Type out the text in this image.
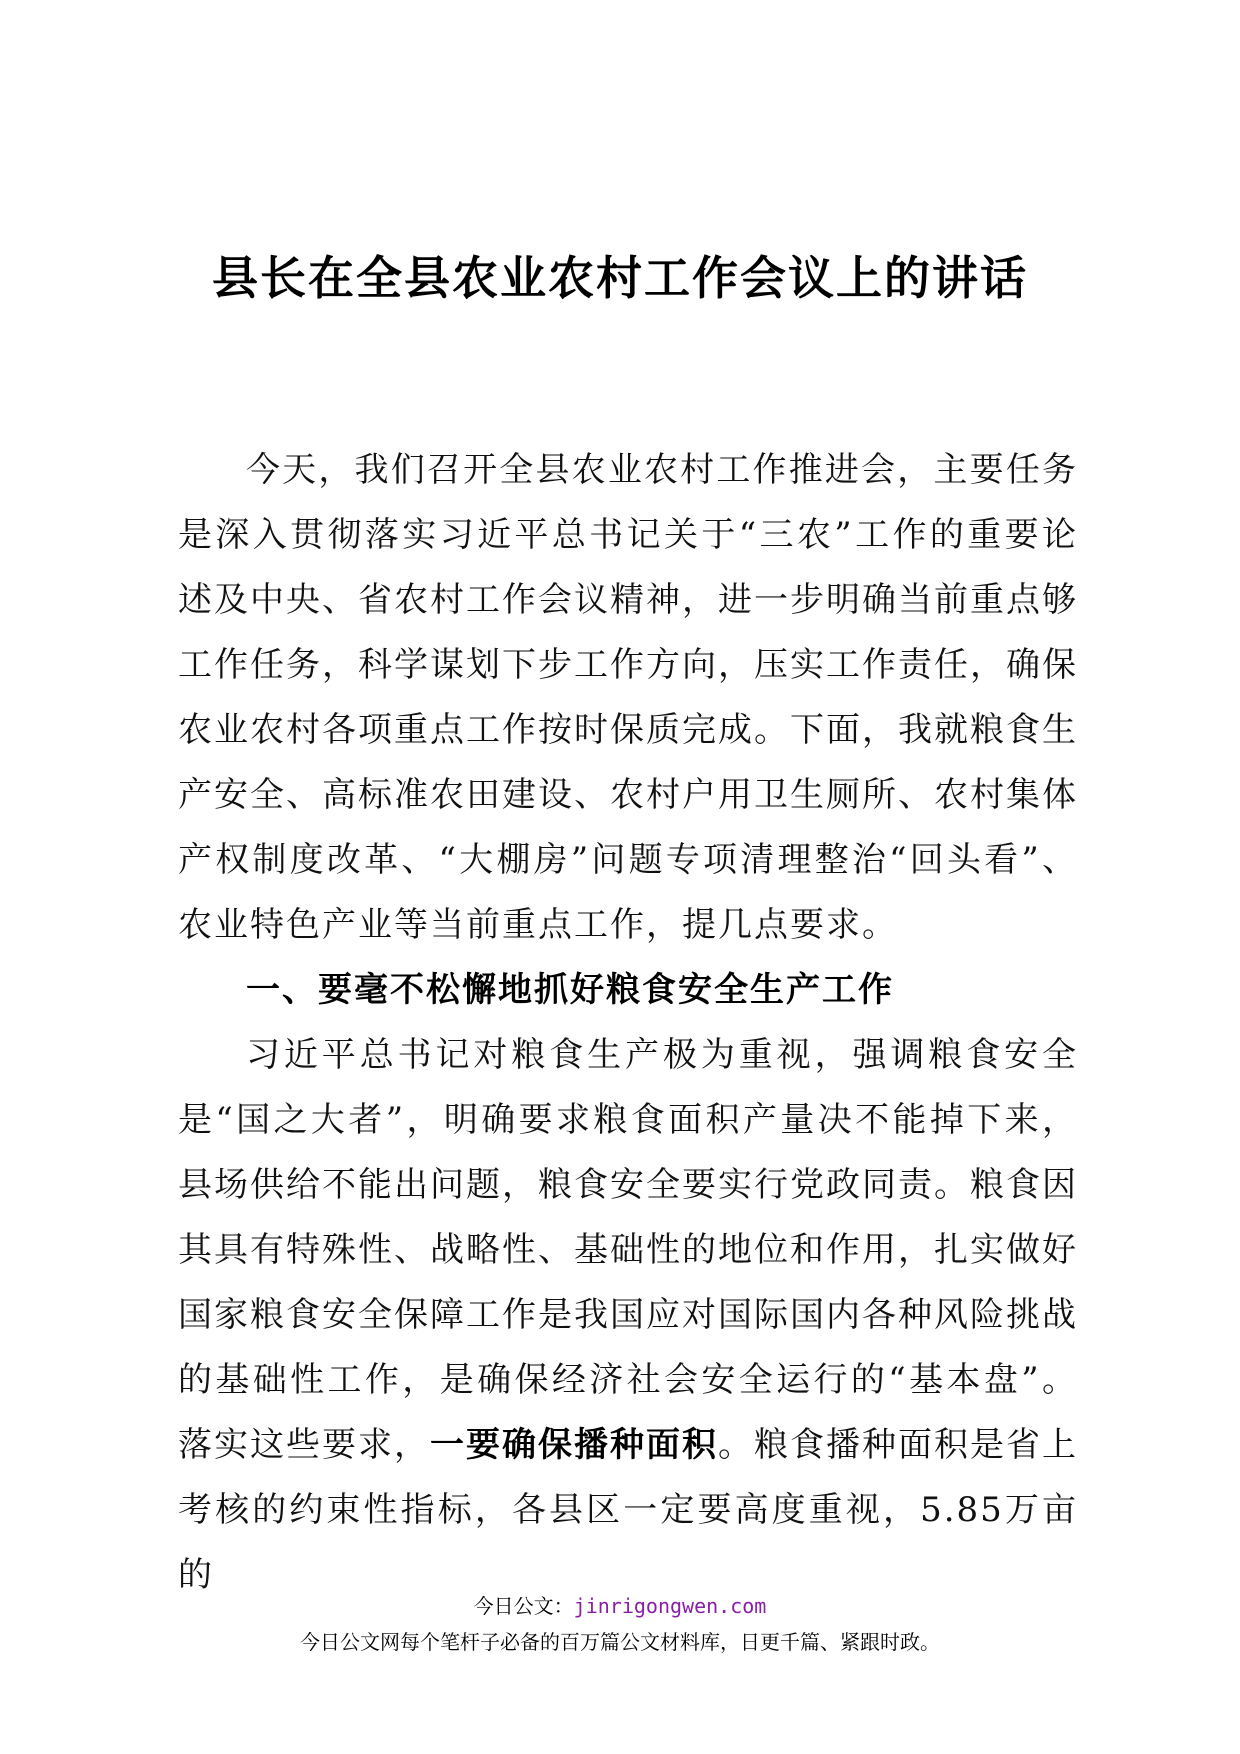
县长在全县农业农村工作会议上的讲话

今天，我们召开全县农业农村工作推进会，主要任务是深入贯彻落实习近平总书记关于“三农”工作的重要论述及中央、省农村工作会议精神，进一步明确当前重点够工作任务，科学谋划下步工作方向，压实工作责任，确保农业农村各项重点工作按时保质完成。下面，我就粮食生产安全、高标准农田建设、农村户用卫生厕所、农村集体产权制度改革、“大棚房”问题专项清理整治“回头看”、农业特色产业等当前重点工作，提几点要求。

一、要毫不松懈地抓好粮食安全生产工作

习近平总书记对粮食生产极为重视，强调粮食安全是“国之大者”，明确要求粮食面积产量决不能掉下来，县场供给不能出问题，粮食安全要实行党政同责。粮食因其具有特殊性、战略性、基础性的地位和作用，扎实做好国家粮食安全保障工作是我国应对国际国内各种风险挑战的基础性工作，是确保经济社会安全运行的“基本盘”。落实这些要求，一要确保播种面积。粮食播种面积是省上考核的约束性指标，各县区一定要高度重视，5.85万亩的

今日公文：jinrigongwen.com
今日公文网每个笔杆子必备的百万篇公文材料库，日更千篇、紧跟时政。
